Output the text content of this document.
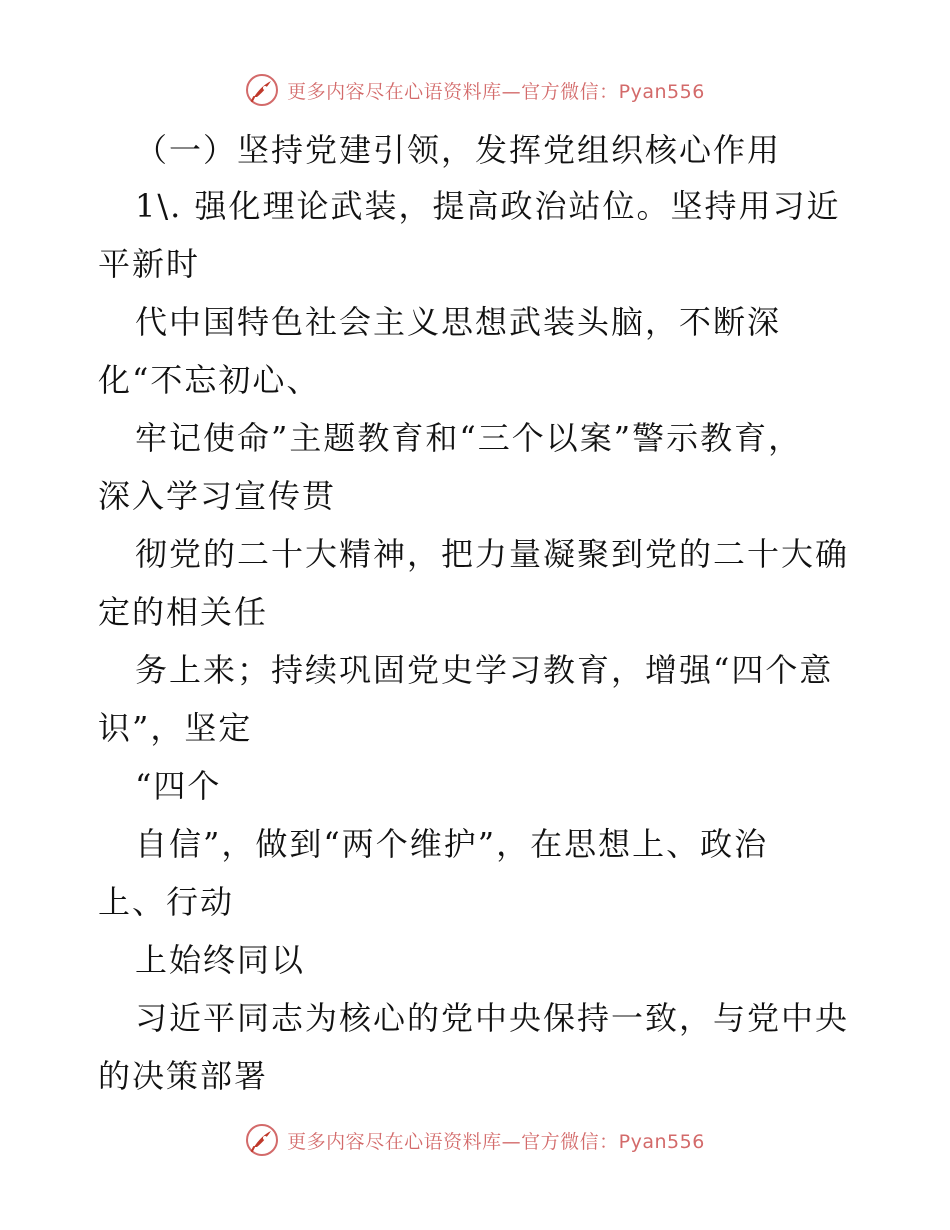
更多内容尽在心语资料库—官方微信：Pyan556
（一）坚持党建引领，发挥党组织核心作用
1\. 强化理论武装，提高政治站位。坚持用习近
平新时
代中国特色社会主义思想武装头脑，不断深
化“不忘初心、
牢记使命”主题教育和“三个以案”警示教育，
深入学习宣传贯
彻党的二十大精神，把力量凝聚到党的二十大确
定的相关任
务上来；持续巩固党史学习教育，增强“四个意
识”，坚定
“四个
自信”，做到“两个维护”，在思想上、政治
上、行动
上始终同以
习近平同志为核心的党中央保持一致，与党中央
的决策部署
更多内容尽在心语资料库—官方微信：Pyan556
